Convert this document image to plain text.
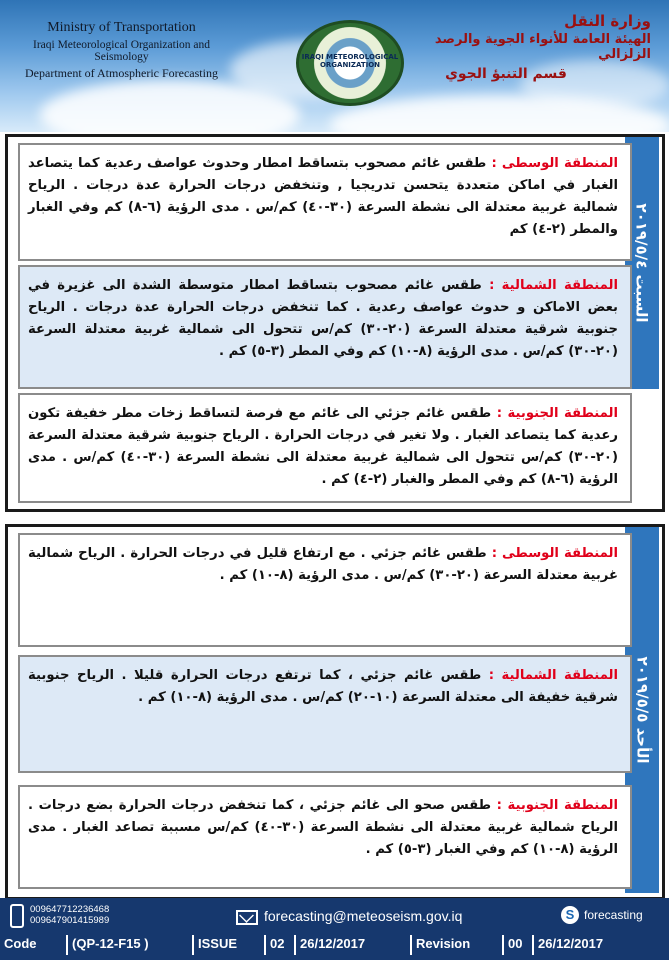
Ministry of Transportation
Iraqi Meteorological Organization and Seismology
Department of Atmospheric Forecasting
IRAQI METEOROLOGICAL ORGANIZATION
وزارة النقل
الهيئة العامة للأنواء الجوية والرصد الزلزالي
قسم التنبؤ الجوي
السبت ٢٠١٩/٥/٤
المنطقة الوسطى : طقس غائم مصحوب بتساقط امطار وحدوث عواصف رعدية كما يتصاعد الغبار في اماكن متعددة يتحسن تدريجيا , وتنخفض درجات الحرارة عدة درجات . الرياح شمالية غربية معتدلة الى نشطة السرعة (٣٠-٤٠) كم/س . مدى الرؤية (٦-٨) كم وفي الغبار والمطر (٢-٤) كم
المنطقة الشمالية : طقس غائم مصحوب بتساقط امطار متوسطة الشدة الى غزيرة في بعض الاماكن و حدوث عواصف رعدية . كما تنخفض درجات الحرارة عدة درجات . الرياح جنوبية شرقية معتدلة السرعة (٢٠-٣٠) كم/س تتحول الى شمالية غربية معتدلة السرعة (٢٠-٣٠) كم/س . مدى الرؤية (٨-١٠) كم وفي المطر (٣-٥) كم .
المنطقة الجنوبية : طقس غائم جزئي الى غائم مع فرصة لتساقط زخات مطر خفيفة تكون رعدية كما يتصاعد الغبار . ولا تغير في درجات الحرارة . الرياح جنوبية شرقية معتدلة السرعة (٢٠-٣٠) كم/س تتحول الى شمالية غربية معتدلة الى نشطة السرعة (٣٠-٤٠) كم/س . مدى الرؤية (٦-٨) كم وفي المطر والغبار (٢-٤) كم .
الأحد ٢٠١٩/٥/٥
المنطقة الوسطى : طقس غائم جزئي . مع ارتفاع قليل في درجات الحرارة . الرياح شمالية غربية معتدلة السرعة (٢٠-٣٠) كم/س . مدى الرؤية (٨-١٠) كم .
المنطقة الشمالية : طقس غائم جزئي ، كما ترتفع درجات الحرارة قليلا . الرياح جنوبية شرقية خفيفة الى معتدلة السرعة (١٠-٢٠) كم/س . مدى الرؤية (٨-١٠) كم .
المنطقة الجنوبية : طقس صحو الى غائم جزئي ، كما تنخفض درجات الحرارة بضع درجات . الرياح شمالية غربية معتدلة الى نشطة السرعة (٣٠-٤٠) كم/س مسببة تصاعد الغبار . مدى الرؤية (٨-١٠) كم وفي الغبار (٣-٥) كم .
009647712236468
009647901415989	forecasting@meteoseism.gov.iq	S forecasting
Code	(QP-12-F15 )	ISSUE	02	26/12/2017	Revision	00	26/12/2017
